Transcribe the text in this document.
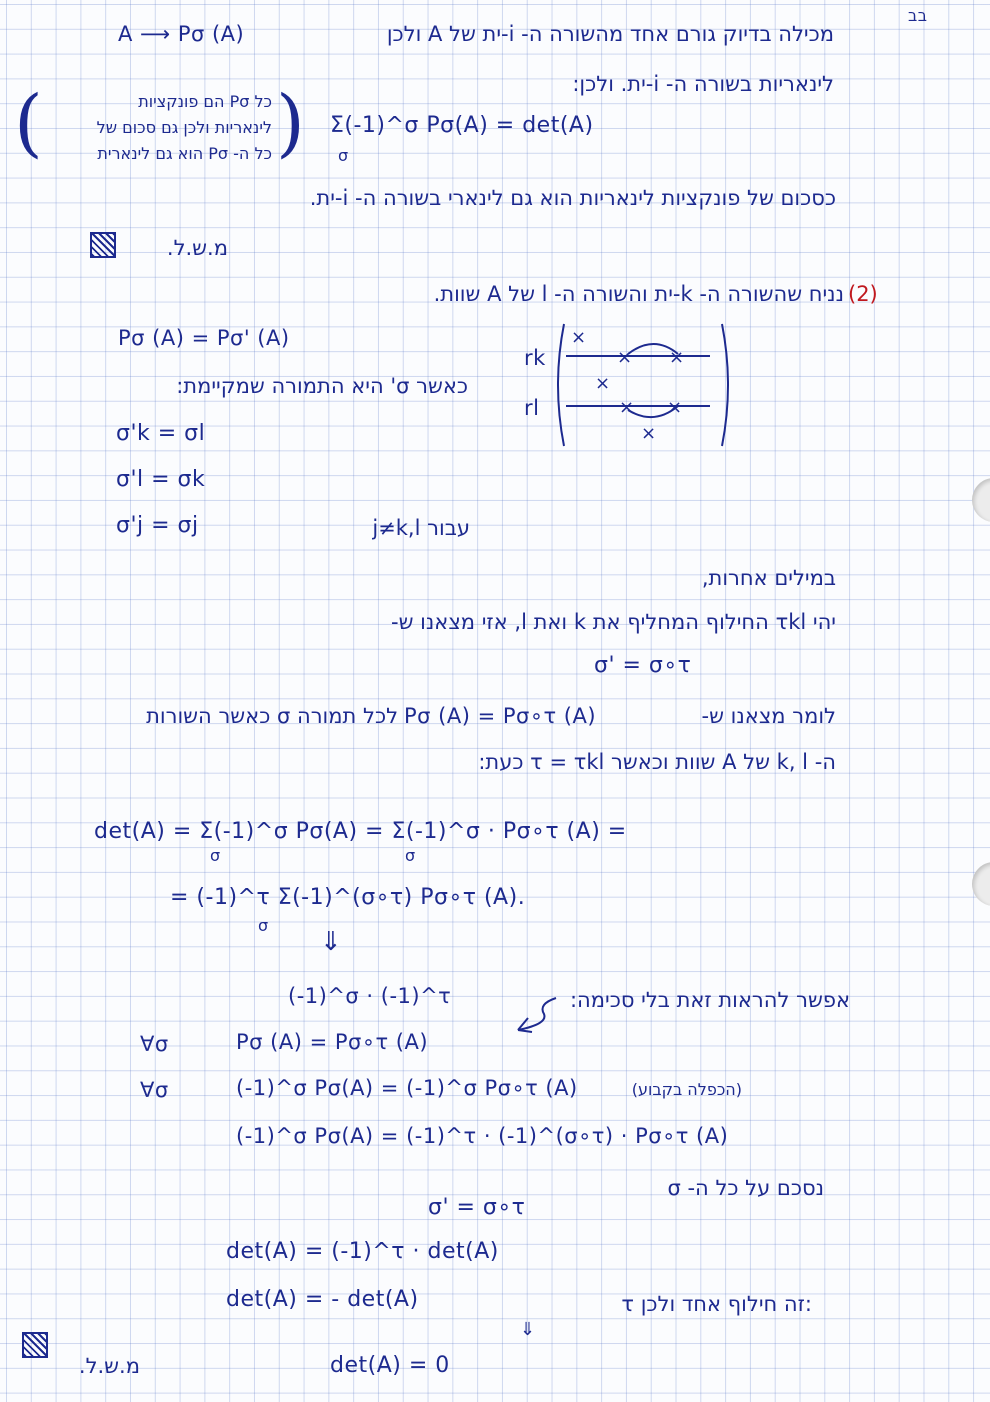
בב
A ⟶ Pσ (A)	מכילה בדיוק גורם אחד מהשורה ה- i-ית של A ולכן
לינאריות בשורה ה- i-ית. ולכן:
(	)
כל Pσ הם פונקציות
לינאריות ולכן גם סכום של
כל ה- Pσ הוא גם לינארית
Σ(-1)^σ Pσ(A) = det(A)
σ
כסכום של פונקציות לינאריות הוא גם לינארי בשורה ה- i-ית.
מ.ש.ל.
(2)
נניח שהשורה ה- k-ית והשורה ה- l של A שוות.
Pσ (A) = Pσ' (A)
כאשר σ' היא התמורה שמקיימת:
σ'k = σl
σ'l = σk
σ'j = σj	עבור j≠k,l
rk
rl
×
× ×
×
× ×
×
במילים אחרות,
יהי τkl החילוף המחליף את k ואת l, אזי מצאנו ש-
σ' = σ∘τ
לומר מצאנו ש-
Pσ (A) = Pσ∘τ (A)
לכל תמורה σ כאשר השורות
ה- k, l של A שוות וכאשר τ = τkl כעת:
det(A) = Σ(-1)^σ Pσ(A) = Σ(-1)^σ · Pσ∘τ (A) =
σ	σ
= (-1)^τ Σ(-1)^(σ∘τ) Pσ∘τ (A).
σ
⇓
(-1)^σ · (-1)^τ	אפשר להראות זאת בלי סכימה:
∀σ	Pσ (A) = Pσ∘τ (A)
∀σ	(-1)^σ Pσ(A) = (-1)^σ Pσ∘τ (A)	(הכפלה בקבוע)
(-1)^σ Pσ(A) = (-1)^τ · (-1)^(σ∘τ) · Pσ∘τ (A)
נסכם על כל ה- σ
σ' = σ∘τ
det(A) = (-1)^τ · det(A)
det(A) = - det(A)	τ זה חילוף אחד ולכן:
⇓
מ.ש.ל.	det(A) = 0
